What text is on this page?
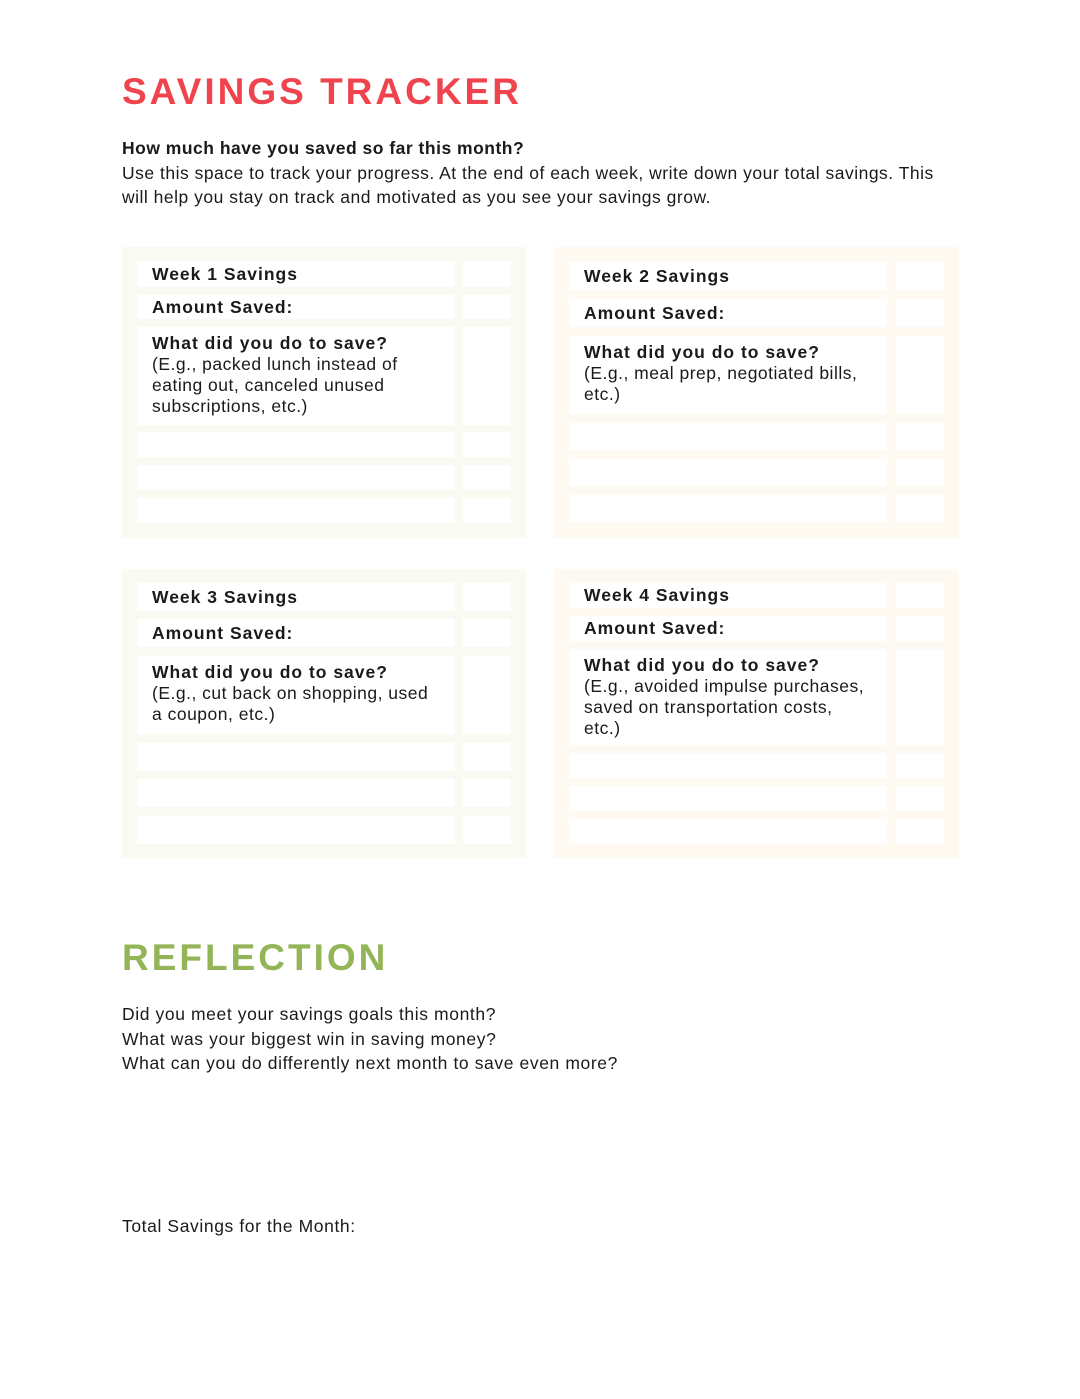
SAVINGS TRACKER
How much have you saved so far this month?
Use this space to track your progress. At the end of each week, write down your total savings. This will help you stay on track and motivated as you see your savings grow.
Week 1 Savings
Amount Saved:
What did you do to save?
(E.g., packed lunch instead of eating out, canceled unused subscriptions, etc.)
Week 2 Savings
Amount Saved:
What did you do to save?
(E.g., meal prep, negotiated bills, etc.)
Week 3 Savings
Amount Saved:
What did you do to save?
(E.g., cut back on shopping, used a coupon, etc.)
Week 4 Savings
Amount Saved:
What did you do to save?
(E.g., avoided impulse purchases, saved on transportation costs, etc.)
REFLECTION
Did you meet your savings goals this month?
What was your biggest win in saving money?
What can you do differently next month to save even more?
Total Savings for the Month:
